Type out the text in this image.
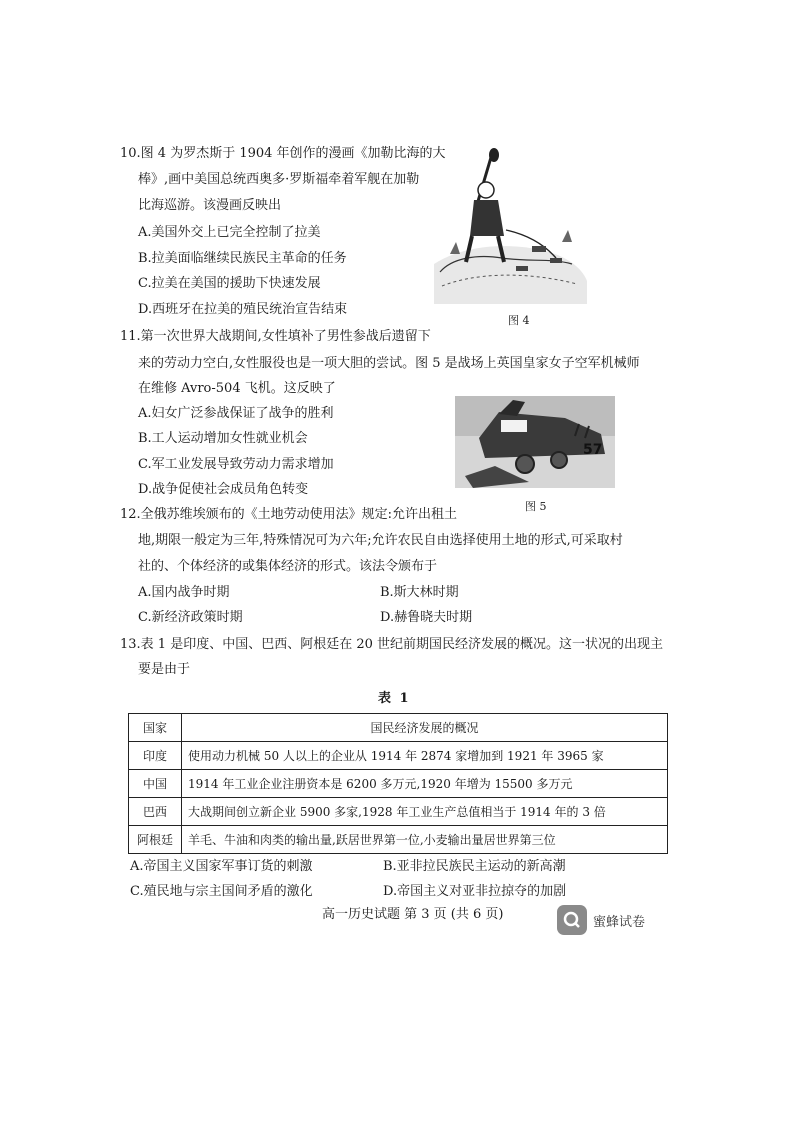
10.图 4 为罗杰斯于 1904 年创作的漫画《加勒比海的大
棒》,画中美国总统西奥多·罗斯福牵着军舰在加勒
比海巡游。该漫画反映出
A.美国外交上已完全控制了拉美
B.拉美面临继续民族民主革命的任务
C.拉美在美国的援助下快速发展
D.西班牙在拉美的殖民统治宣告结束
图 4
11.第一次世界大战期间,女性填补了男性参战后遗留下
来的劳动力空白,女性服役也是一项大胆的尝试。图 5 是战场上英国皇家女子空军机械师
在维修 Avro-504 飞机。这反映了
A.妇女广泛参战保证了战争的胜利
B.工人运动增加女性就业机会
C.军工业发展导致劳动力需求增加
D.战争促使社会成员角色转变
57
图 5
12.全俄苏维埃颁布的《土地劳动使用法》规定:允许出租土
地,期限一般定为三年,特殊情况可为六年;允许农民自由选择使用土地的形式,可采取村
社的、个体经济的或集体经济的形式。该法令颁布于
A.国内战争时期	B.斯大林时期
C.新经济政策时期	D.赫鲁晓夫时期
13.表 1 是印度、中国、巴西、阿根廷在 20 世纪前期国民经济发展的概况。这一状况的出现主
要是由于
表 1
国家	国民经济发展的概况
印度	使用动力机械 50 人以上的企业从 1914 年 2874 家增加到 1921 年 3965 家
中国	1914 年工业企业注册资本是 6200 多万元,1920 年增为 15500 多万元
巴西	大战期间创立新企业 5900 多家,1928 年工业生产总值相当于 1914 年的 3 倍
阿根廷	羊毛、牛油和肉类的输出量,跃居世界第一位,小麦输出量居世界第三位
A.帝国主义国家军事订货的刺激	B.亚非拉民族民主运动的新高潮
C.殖民地与宗主国间矛盾的激化	D.帝国主义对亚非拉掠夺的加剧
高一历史试题 第 3 页 (共 6 页)	蜜蜂试卷
